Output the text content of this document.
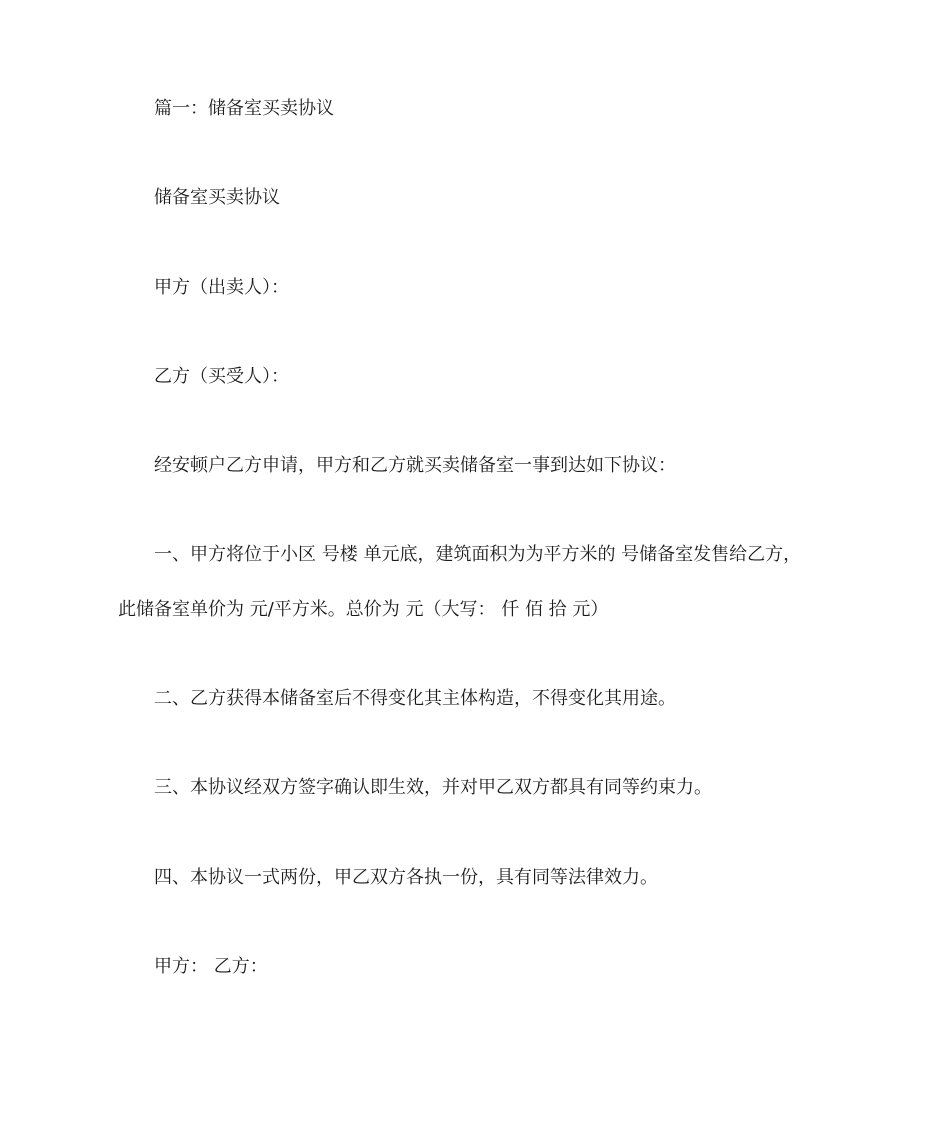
篇一：储备室买卖协议
储备室买卖协议
甲方（出卖人）：
乙方（买受人）：
经安顿户乙方申请，甲方和乙方就买卖储备室一事到达如下协议：
一、甲方将位于小区 号楼 单元底，建筑面积为为平方米的 号储备室发售给乙方，
此储备室单价为 元/平方米。总价为 元（大写： 仟 佰 拾 元）
二、乙方获得本储备室后不得变化其主体构造，不得变化其用途。
三、本协议经双方签字确认即生效，并对甲乙双方都具有同等约束力。
四、本协议一式两份，甲乙双方各执一份，具有同等法律效力。
甲方： 乙方：
